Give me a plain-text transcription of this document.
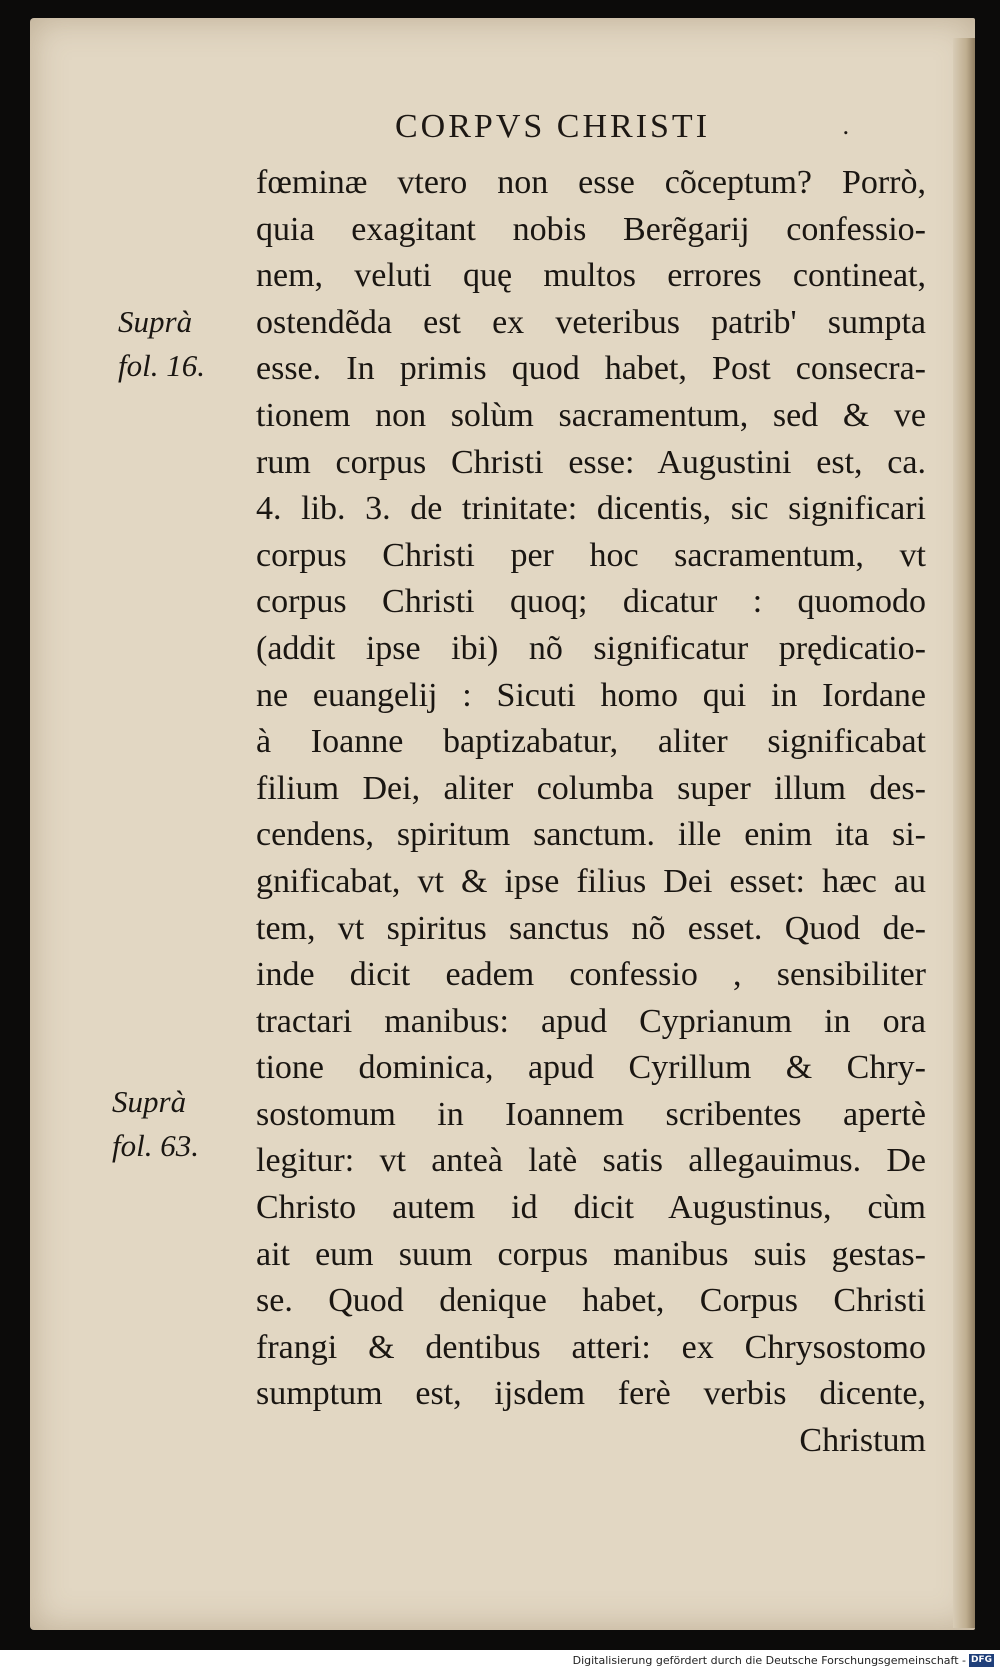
CORPVS CHRISTI	.
Suprà
fol. 16.
Suprà
fol. 63.
fœminæ vtero non esse cõceptum? Porrò,
quia exagitant nobis Berẽgarij confessio-
nem, veluti quę multos errores contineat,
ostendẽda est ex veteribus patrib' sumpta
esse. In primis quod habet, Post consecra-
tionem non solùm sacramentum, sed & ve
rum corpus Christi esse: Augustini est, ca.
4. lib. 3. de trinitate: dicentis, sic significari
corpus Christi per hoc sacramentum, vt
corpus Christi quoq; dicatur : quomodo
(addit ipse ibi) nõ significatur prędicatio-
ne euangelij : Sicuti homo qui in Iordane
à Ioanne baptizabatur, aliter significabat
filium Dei, aliter columba super illum des-
cendens, spiritum sanctum. ille enim ita si-
gnificabat, vt & ipse filius Dei esset: hæc au
tem, vt spiritus sanctus nõ esset. Quod de-
inde dicit eadem confessio , sensibiliter
tractari manibus: apud Cyprianum in ora
tione dominica, apud Cyrillum & Chry-
sostomum in Ioannem scribentes apertè
legitur: vt anteà latè satis allegauimus. De
Christo autem id dicit Augustinus, cùm
ait eum suum corpus manibus suis gestas-
se. Quod denique habet, Corpus Christi
frangi & dentibus atteri: ex Chrysostomo
sumptum est, ijsdem ferè verbis dicente,
Christum
Digitalisierung gefördert durch die Deutsche Forschungsgemeinschaft - DFG
